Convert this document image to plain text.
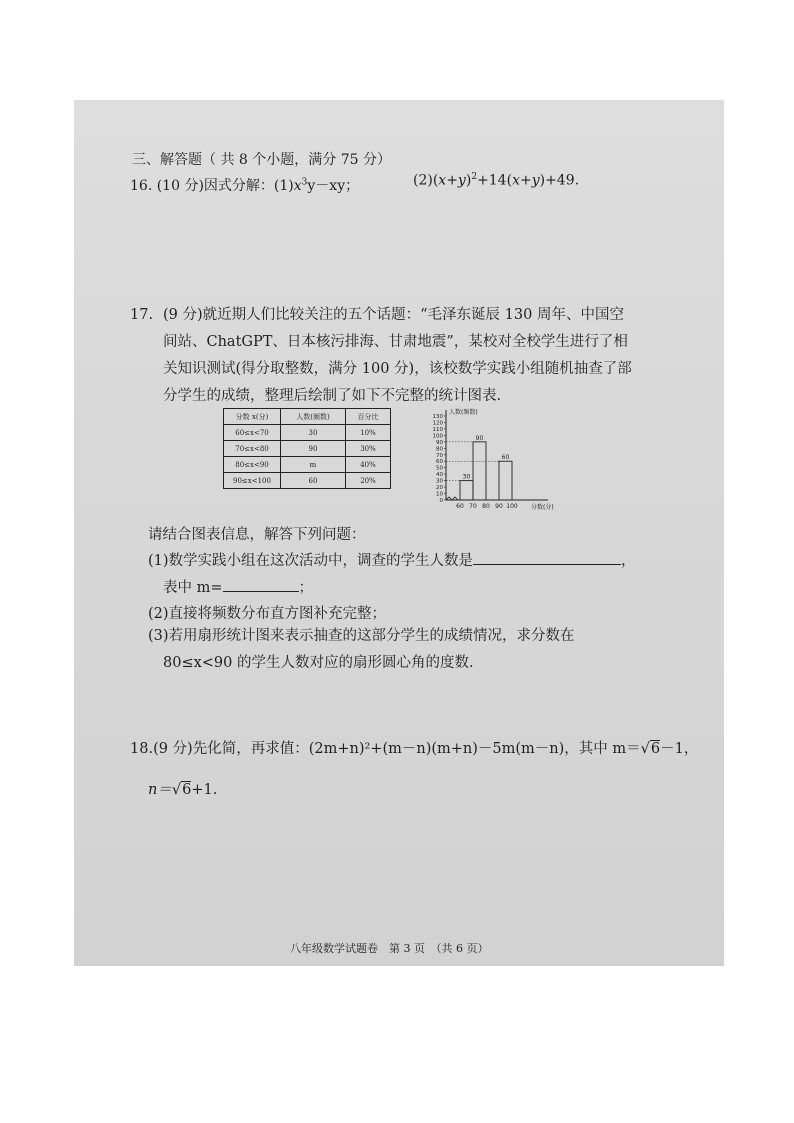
三、解答题（ 共 8 个小题，满分 75 分）
16. (10 分)因式分解：$(1)x^3y-xy$；	$(2)(x+y)^2+14(x+y)+49$.
17. (9 分)就近期人们比较关注的五个话题：“毛泽东诞辰 130 周年、中国空
间站、ChatGPT、日本核污排海、甘肃地震”，某校对全校学生进行了相
关知识测试(得分取整数，满分 100 分)，该校数学实践小组随机抽查了部
分学生的成绩，整理后绘制了如下不完整的统计图表.
分数 x(分)	人数(频数)	百分比
60≤x<70	30	10%
70≤x<80	90	30%
80≤x<90	m	40%
90≤x<100	60	20%
0
10
20
30
40
50
60
70
80
90
100
110
120
130
60 70 80 90 100
30
90
60
人数(频数)
分数(分)
请结合图表信息，解答下列问题：
(1)数学实践小组在这次活动中，调查的学生人数是	，
表中 m=	；
(2)直接将频数分布直方图补充完整；
(3)若用扇形统计图来表示抽查的这部分学生的成绩情况，求分数在
80≤x<90 的学生人数对应的扇形圆心角的度数.
18.(9 分)先化简，再求值：(2m+n)²+(m－n)(m+n)－5m(m－n)，其中 m＝√6－1，
n＝√6+1.
八年级数学试题卷　第 3 页　（共 6 页）
